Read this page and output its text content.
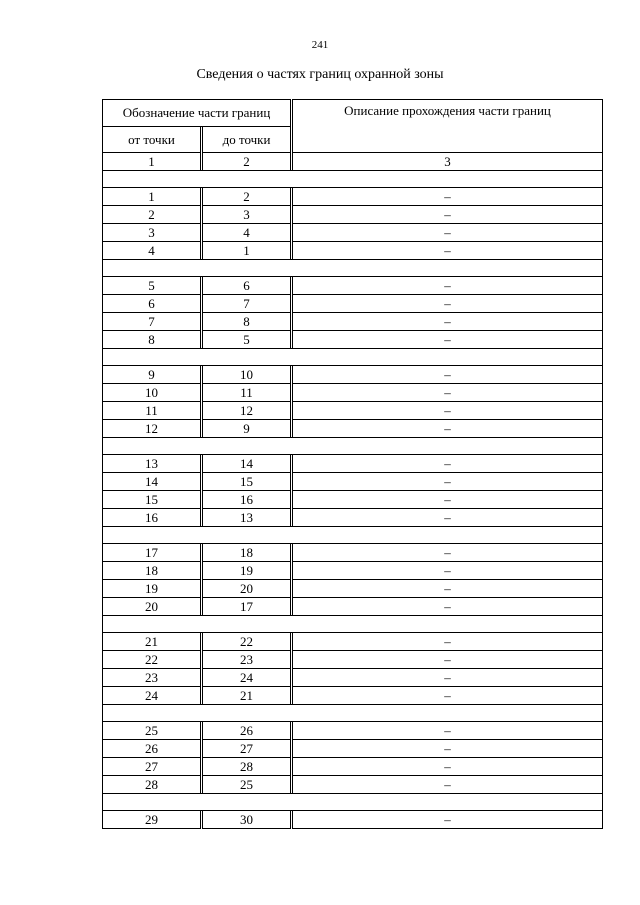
241
Сведения о частях границ охранной зоны
Обозначение части границ				Описание прохождения части границ
от точки		до точки		
1		2		3

1		2		–
2		3		–
3		4		–
4		1		–

5		6		–
6		7		–
7		8		–
8		5		–

9		10		–
10		11		–
11		12		–
12		9		–

13		14		–
14		15		–
15		16		–
16		13		–

17		18		–
18		19		–
19		20		–
20		17		–

21		22		–
22		23		–
23		24		–
24		21		–

25		26		–
26		27		–
27		28		–
28		25		–

29		30		–
